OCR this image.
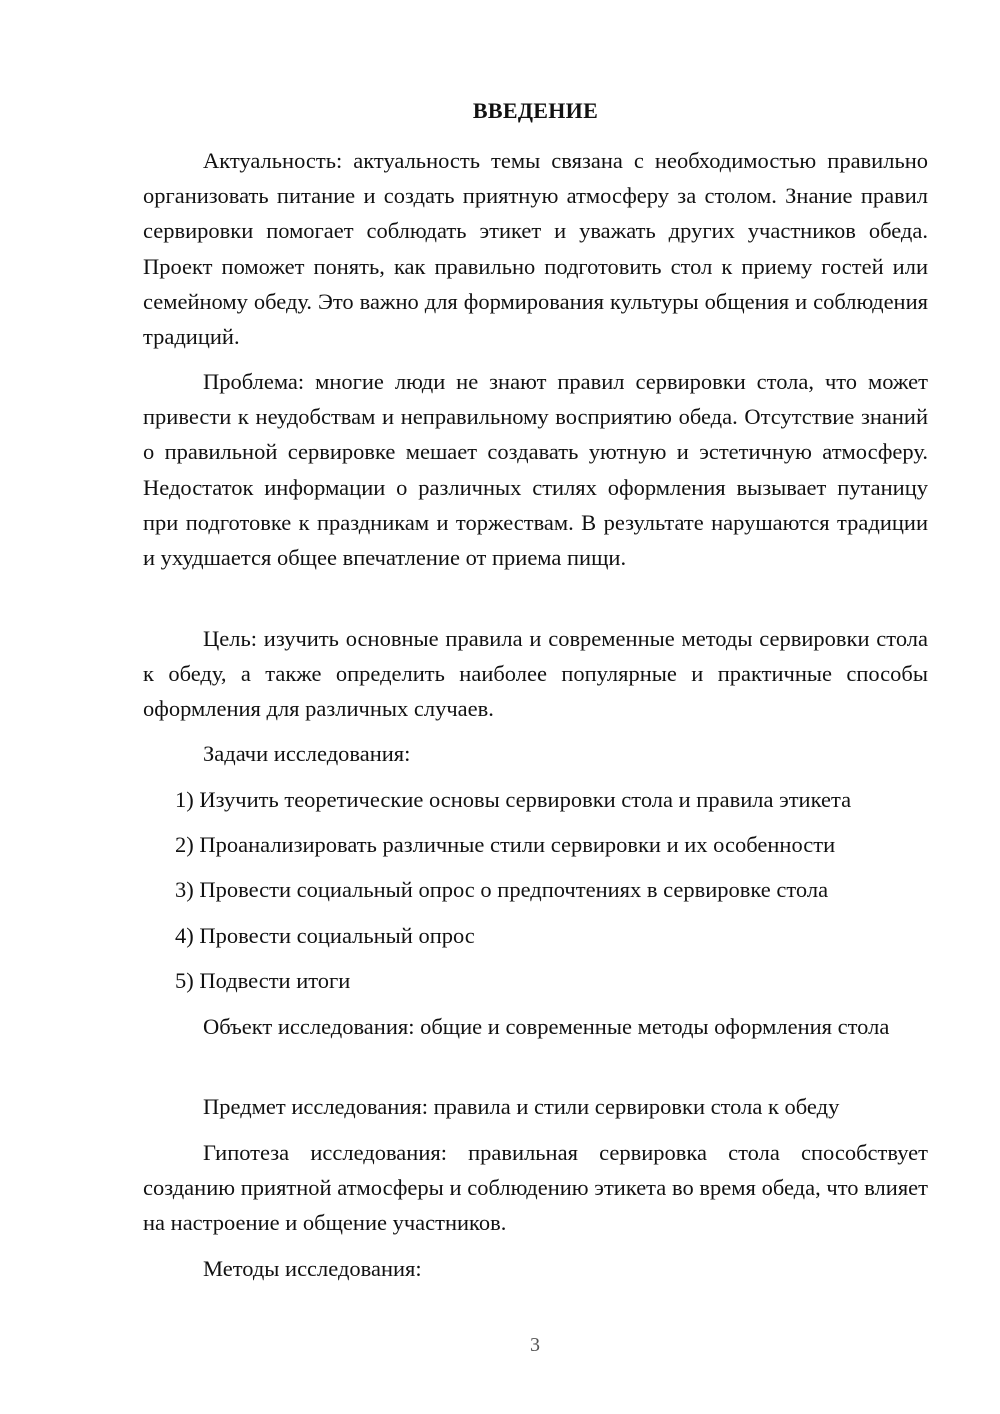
ВВЕДЕНИЕ

Актуальность: актуальность темы связана с необходимостью правильно организовать питание и создать приятную атмосферу за столом. Знание правил сервировки помогает соблюдать этикет и уважать других участников обеда. Проект поможет понять, как правильно подготовить стол к приему гостей или семейному обеду. Это важно для формирования культуры общения и соблюдения традиций.

Проблема: многие люди не знают правил сервировки стола, что может привести к неудобствам и неправильному восприятию обеда. Отсутствие знаний о правильной сервировке мешает создавать уютную и эстетичную атмосферу. Недостаток информации о различных стилях оформления вызывает путаницу при подготовке к праздникам и торжествам. В результате нарушаются традиции и ухудшается общее впечатление от приема пищи.

Цель: изучить основные правила и современные методы сервировки стола к обеду, а также определить наиболее популярные и практичные способы оформления для различных случаев.

Задачи исследования:

1) Изучить теоретические основы сервировки стола и правила этикета

2) Проанализировать различные стили сервировки и их особенности

3) Провести социальный опрос о предпочтениях в сервировке стола

4) Провести социальный опрос

5) Подвести итоги

Объект исследования: общие и современные методы оформления стола

Предмет исследования: правила и стили сервировки стола к обеду

Гипотеза исследования: правильная сервировка стола способствует созданию приятной атмосферы и соблюдению этикета во время обеда, что влияет на настроение и общение участников.

Методы исследования:

3
